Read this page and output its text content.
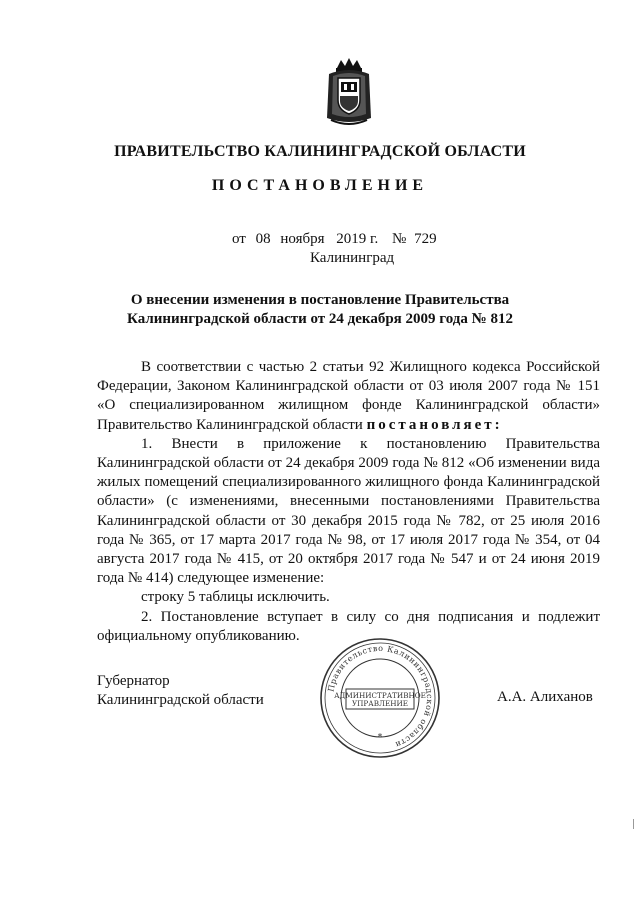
ПРАВИТЕЛЬСТВО КАЛИНИНГРАДСКОЙ ОБЛАСТИ
ПОСТАНОВЛЕНИЕ
от 08 ноября 2019 г. № 729
Калининград
О внесении изменения в постановление Правительства
Калининградской области от 24 декабря 2009 года № 812

В соответствии с частью 2 статьи 92 Жилищного кодекса Российской Федерации, Законом Калининградской области от 03 июля 2007 года № 151 «О специализированном жилищном фонде Калининградской области» Правительство Калининградской области постановляет:

1. Внести в приложение к постановлению Правительства Калининградской области от 24 декабря 2009 года № 812 «Об изменении вида жилых помещений специализированного жилищного фонда Калининградской области» (с изменениями, внесенными постановлениями Правительства Калининградской области от 30 декабря 2015 года № 782, от 25 июля 2016 года № 365, от 17 марта 2017 года № 98, от 17 июля 2017 года № 354, от 04 августа 2017 года № 415, от 20 октября 2017 года № 547 и от 24 июня 2019 года № 414) следующее изменение:

строку 5 таблицы исключить.

2. Постановление вступает в силу со дня подписания и подлежит официальному опубликованию.

Губернатор
Калининградской области
Правительство Калининградской области
АДМИНИСТРАТИВНОЕ
УПРАВЛЕНИЕ
*
А.А. Алиханов
